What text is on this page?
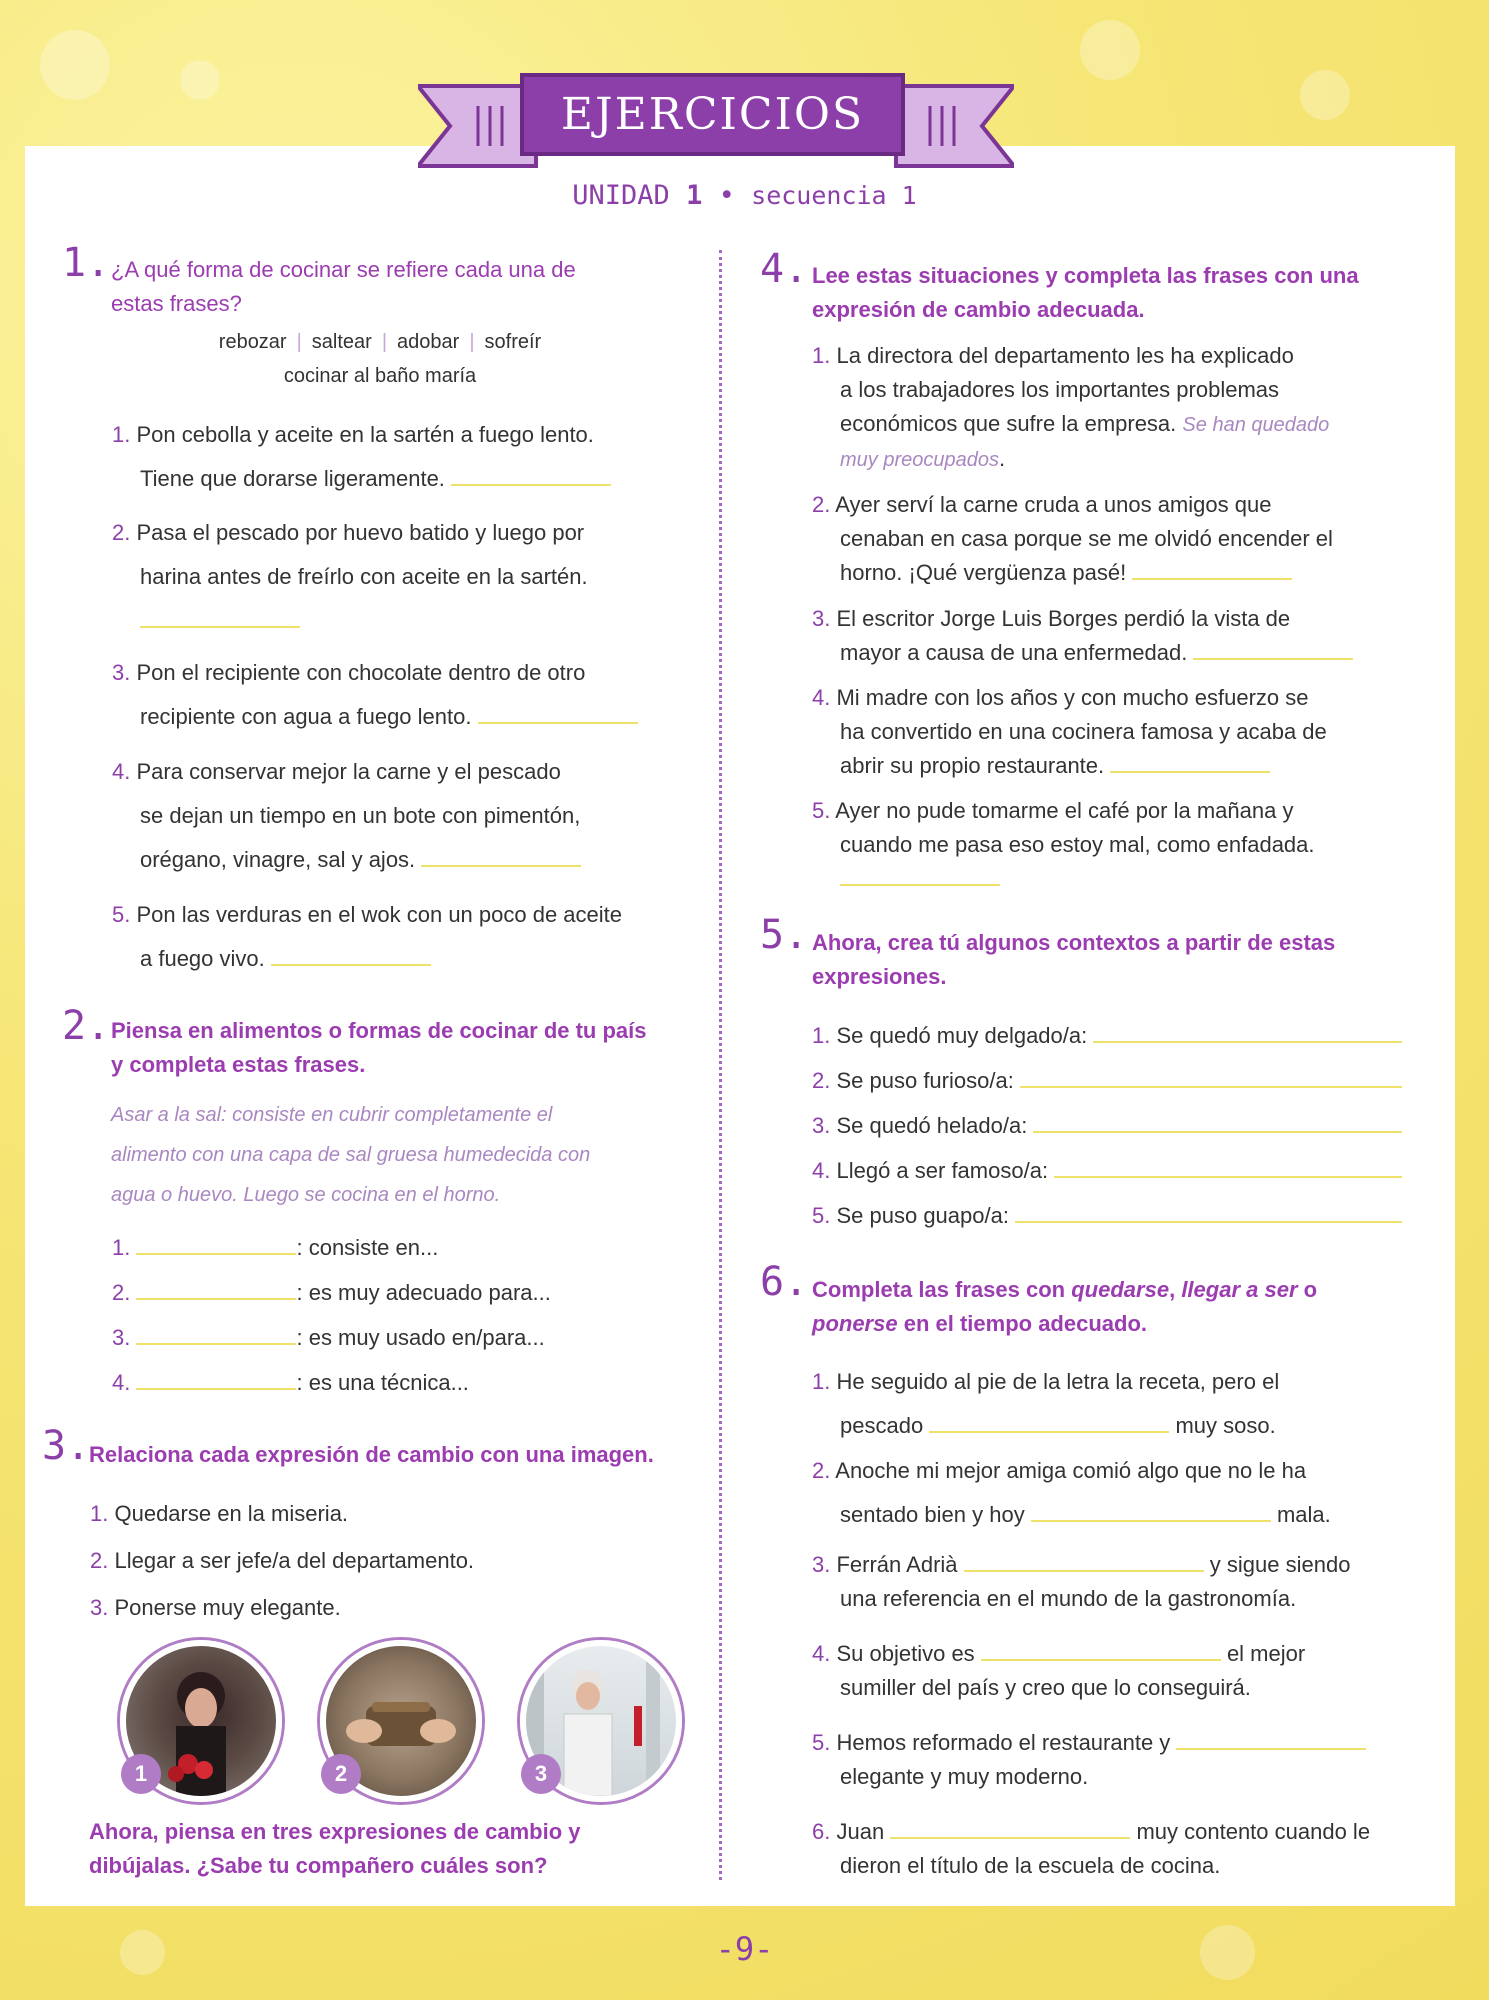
EJERCICIOS
UNIDAD 1 • secuencia 1
1. ¿A qué forma de cocinar se refiere cada una de
estas frases?
rebozar | saltear | adobar | sofreír
cocinar al baño maría
1. Pon cebolla y aceite en la sartén a fuego lento.
Tiene que dorarse ligeramente.
2. Pasa el pescado por huevo batido y luego por
harina antes de freírlo con aceite en la sartén.
3. Pon el recipiente con chocolate dentro de otro
recipiente con agua a fuego lento.
4. Para conservar mejor la carne y el pescado
se dejan un tiempo en un bote con pimentón,
orégano, vinagre, sal y ajos.
5. Pon las verduras en el wok con un poco de aceite
a fuego vivo.
2. Piensa en alimentos o formas de cocinar de tu país
y completa estas frases.
Asar a la sal: consiste en cubrir completamente el
alimento con una capa de sal gruesa humedecida con
agua o huevo. Luego se cocina en el horno.
1.	: consiste en...
2.	: es muy adecuado para...
3.	: es muy usado en/para...
4.	: es una técnica...
3.
Relaciona cada expresión de cambio con una imagen.
1. Quedarse en la miseria.
2. Llegar a ser jefe/a del departamento.
3. Ponerse muy elegante.
1	2	3
Ahora, piensa en tres expresiones de cambio y
dibújalas. ¿Sabe tu compañero cuáles son?
4. Lee estas situaciones y completa las frases con una
expresión de cambio adecuada.
1. La directora del departamento les ha explicado
a los trabajadores los importantes problemas
económicos que sufre la empresa. Se han quedado
muy preocupados.
2. Ayer serví la carne cruda a unos amigos que
cenaban en casa porque se me olvidó encender el
horno. ¡Qué vergüenza pasé!
3. El escritor Jorge Luis Borges perdió la vista de
mayor a causa de una enfermedad.
4. Mi madre con los años y con mucho esfuerzo se
ha convertido en una cocinera famosa y acaba de
abrir su propio restaurante.
5. Ayer no pude tomarme el café por la mañana y
cuando me pasa eso estoy mal, como enfadada.
5. Ahora, crea tú algunos contextos a partir de estas
expresiones.
1.
Se quedó muy delgado/a:

2.
Se puso furioso/a:

3.
Se quedó helado/a:

4.
Llegó a ser famoso/a:

5.
Se puso guapo/a:

6. Completa las frases con quedarse, llegar a ser o
ponerse en el tiempo adecuado.
1. He seguido al pie de la letra la receta, pero el
pescado	muy soso.
2. Anoche mi mejor amiga comió algo que no le ha
sentado bien y hoy	mala.
3. Ferrán Adrià	y sigue siendo
una referencia en el mundo de la gastronomía.
4. Su objetivo es	el mejor
sumiller del país y creo que lo conseguirá.
5. Hemos reformado el restaurante y
elegante y muy moderno.
6. Juan	muy contento cuando le
dieron el título de la escuela de cocina.
-9-
